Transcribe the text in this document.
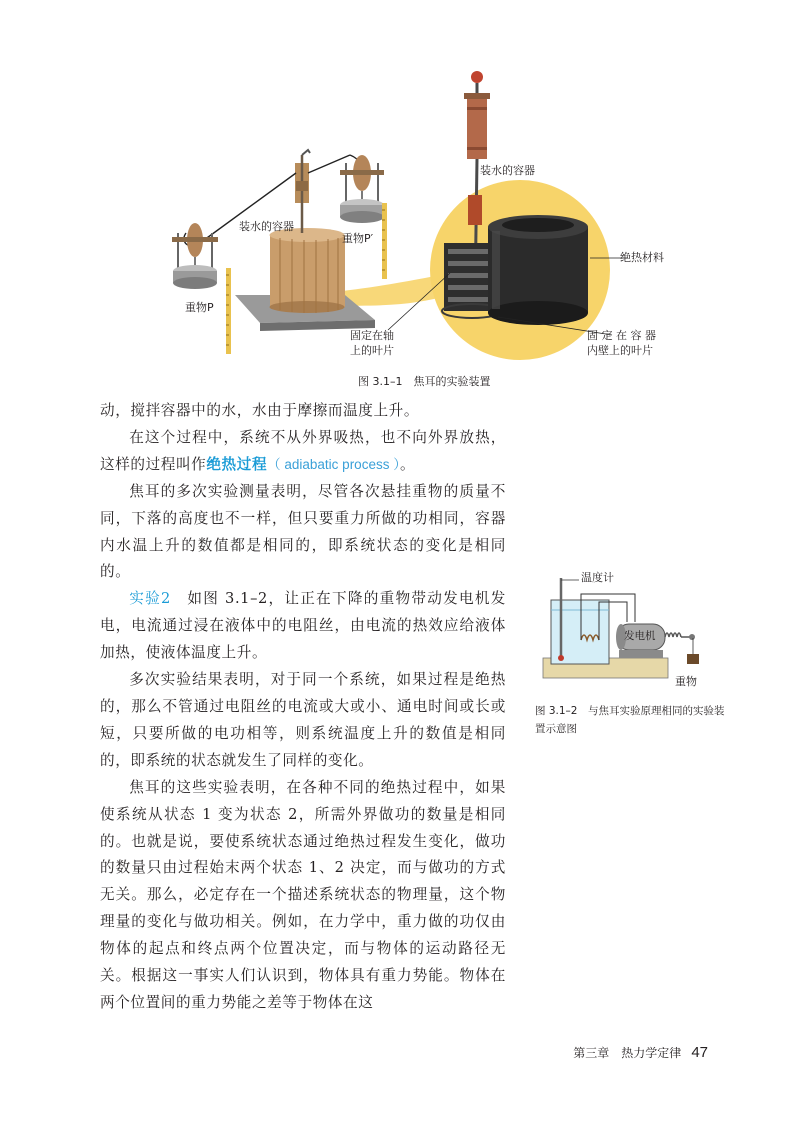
装水的容器
重物P′
重物P
装水的容器
绝热材料
固定在轴
上的叶片
固 定 在 容 器
内壁上的叶片
图 3.1–1　焦耳的实验装置

动，搅拌容器中的水，水由于摩擦而温度上升。

在这个过程中，系统不从外界吸热，也不向外界放热，这样的过程叫作绝热过程（ adiabatic process ）。

焦耳的多次实验测量表明，尽管各次悬挂重物的质量不同，下落的高度也不一样，但只要重力所做的功相同，容器内水温上升的数值都是相同的，即系统状态的变化是相同的。

实验2　如图 3.1–2，让正在下降的重物带动发电机发电，电流通过浸在液体中的电阻丝，由电流的热效应给液体加热，使液体温度上升。

多次实验结果表明，对于同一个系统，如果过程是绝热的，那么不管通过电阻丝的电流或大或小、通电时间或长或短，只要所做的电功相等，则系统温度上升的数值是相同的，即系统的状态就发生了同样的变化。

焦耳的这些实验表明，在各种不同的绝热过程中，如果使系统从状态 1 变为状态 2，所需外界做功的数量是相同的。也就是说，要使系统状态通过绝热过程发生变化，做功的数量只由过程始末两个状态 1、2 决定，而与做功的方式无关。那么，必定存在一个描述系统状态的物理量，这个物理量的变化与做功相关。例如，在力学中，重力做的功仅由物体的起点和终点两个位置决定，而与物体的运动路径无关。根据这一事实人们认识到，物体具有重力势能。物体在两个位置间的重力势能之差等于物体在这

温度计
发电机
重物
图 3.1–2　与焦耳实验原理相同的实验装置示意图
第三章　热力学定律 47
